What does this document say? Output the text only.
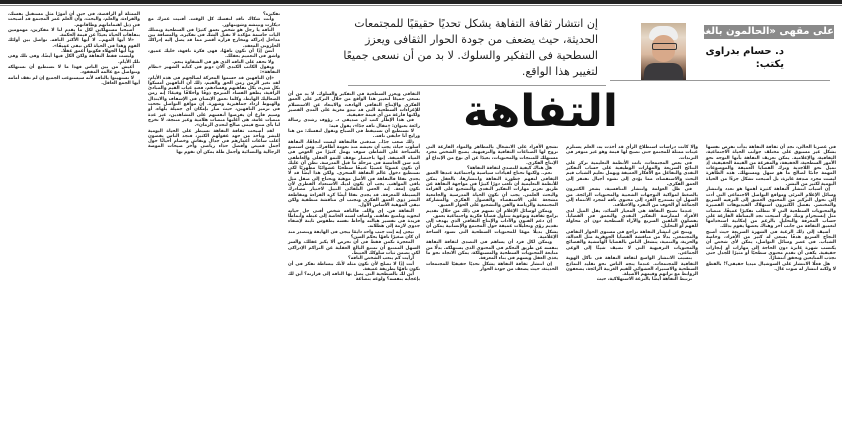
على مقهى «الحالمون بالغد»
د. حسام بدراوى
يكتب:
إن انتشار ثقافة التفاهة يشكل تحديًا حقيقيًا للمجتمعات الحديثة، حيث يضعف من جودة الحوار الثقافى ويعزز السطحية فى التفكير والسلوك. لا بد من أن نسعى جميعًا لتغيير هذا الواقع.
التفاهة

فى عصرنا الحالى، نجد أن ثقافة التفاهة بدأت تفرض نفسها بشكل غير مسبوق على مختلف جوانب الحياة الاجتماعية، الثقافية، والإعلامية. يمكن تعريف التفاهة بأنها التوجه نحو الأمور السطحية، الخفيفة، والمفرغة من القيمة الحقيقية، إذ تميل نحو اللاجدية وترك القضايا العميقة والموضوعات المهمة جانبًا لصالح ما هو سهل ومستهلك. هذه الظاهرة ليست مجرد صدفة عابرة، بل أصبحت تشكل جزءًا من الحياة اليومية لكثير من البشر.

إن أسباب انتشار التفاهة كثيرة أهمها هو تعدد وانتشار وسائل الإعلام المرئى ومواقع التواصل الاجتماعى التى أدت إلى تحول التركيز من المحتوى العميق إلى الترفيه السريع والمختصر. بفضل الكثيرون استهلاك الفيديوهات القصيرة والمحتويات السطحية التى لا تتطلب تفكيرًا عميقًا. منصات مثل إنستجرام وتيك توك أصبحت تجد البساطة الفارغة على حساب المعرفة والتحليل بالرغم من إمكانية استخدامها لتعميق الثقافة من جانب آخر وهناك بعضها يقوم بذلك.

أضيف إلى ذلك الرغبة فى الشهرة السريعة حيث أصبح النجاح السريع هدفًا يسعى له كثير من الأفراد، وخاصة الشباب. فى عصر وسائل التواصل، يمكن لأى شخص أن يكتسب شهرة عابرة دون الحاجة إلى مهارات أو إنجازات حقيقية. يكفى أن تقدم محتوى سطحيًا أو مثيرًا للجدل حتى تجذب المتابعين وتحقق انتشارًا.

هل فعلًا الانتشار على السوشيال ميديا حقيقى؟! بالقطع لا ولكنه انتشار له صوت عال.

وإلا كانت دراسات استطلاع الرأى قد أخذت به، العلم يستلزم عينات ممثلة للمجتمع حتى تصبح لها قيمة وهو غير متوفر فى الترندات.

فى بعض المجتمعات، باتت الأنظمة التعليمية تركز على النتائج السريعة والمهارات الوظيفية على حساب التفكير النقدى والتفاعل مع الأفكار العميقة ويهمل تعليم الشباب قيم البحث والاستقصاء، مما يؤدى إلى نشوء أجيال تفتقر إلى العمق الفكرى.

فى ظل العولمة وانتشار التنافسية، يشعر الكثيرون بالضغط لمواكبة التوجهات الشعبية والمحتويات الرائجة. من السهل أن يستدرج الفرد إلى محتوى تافه لمجرد الانتماء إلى الجماعة أو الخوف من التفرد والاختلاف.

عندما تصبح التفاهة هى المعيار السائد، يقل الميل لدى الأفراد لممارسة التفكير النقدى والتعمق فى القضايا. يفضلون التلقين السريع والآراء السطحية دون أى محاولة للفهم أو التحليل.

وينتج عن انتشار التفاهة تراجع فى مستوى الحوار الثقافى والمجتمعى. بدلًا من مناقشة القضايا الجوهرية مثل العدالة، والحرية، والتنمية، ينشغل الناس بالقضايا الهامشية والفضائح والمحتويات الترفيهية التى لا تضيف شيئًا إلى الوعى الجماعى.

بتسبب الانتشار الواسع لثقافة التفاهة فى تآكل الهوية الثقافية للمجتمعات. عندما يتجه الناس نحو تقليد النماذج السطحية والاستيراد العشوائى للقيم الغربية الرائجة، يضعفون الروابط مع تراثهم وقيمهم الأصيلة.

ترتبط التفاهة أيضًا بالنزعة الاستهلاكية، حيث

تشجع الأفراد على الانشغال بالمظاهر والمواد الفارغة التى تروج لها الصناعات الثقافية والترفيهية. يصبح الشخص مجرد مستهلك للمنتجات والمحتويات، بعيدًا عن أى نوع من الإبداع أو الإنتاج الفكرى.

هل هناك كيفية للتصدى لثقافة التفاهة؟

نعم.. ولكنها تحتاج لقيادات سياسية واجتماعية عندها العمق الثقافى لتفهم خطورة التفاهة وانتشارها، بالعقل يمكن للأنظمة التعليمية أن تلعب دورًا كبيرًا فى مواجهة التفاهة عن طريق تعزيز مهارات التفكير النقدى والتشجيع على القراءة والبحث العلمى. يجب أن تكون الحياة المدرسية والجامعية مشجعة على الاستقصاء والفضول الفكرى والمشاركة المجتمعية والرياضة والفن والتشجيع على الحوار العميق.

ويمكن لوسائل الإعلام أن تسهم فى ذلك من خلال تقديم برامج ثقافية وتوعوية تتناول قضايا فكرية واجتماعية بعمق.

إن دعم الفنون والآداب والإنتاج الثقافى الذى يهدف إلى تقديم رؤى وتحليلات عميقة حول المجتمع والإنسانية يمكن أن يشكل بديلًا مهمًا للمحتويات السطحية التى تسود الساحة الإعلامية.

ويمكن لكل فرد أن يساهم فى التصدى لثقافة التفاهة بنفسه عن طريق التحكم فى المحتوى الذى يستهلكه. بدلًا من متابعة المحتويات السطحية والمستهلكة، يمكن الاتجاه نحو ما يغذى العقل ويسهم فى بناء المعرفة.

إن انتشار ثقافة التفاهة يشكل تحديًا حقيقيًا للمجتمعات الحديثة، حيث يضعف من جودة الحوار

الثقافى ويعزز السطحية فى التفكير والسلوك. لا بد من أن نسعى جميعًا لتغيير هذا الواقع من خلال التركيز على العمق الفكرى والإنتاج الثقافى الهادف، والابتعاد عن الاستسلام للإغراءات السطحية التى قد تبدو مغرية على المدى القصير ولكنها فارغة من أى قيمة حقيقية.

فى هذا الإطار كتب لى صديقى د. رؤوف رشدى رسالة رائعة بعنوان: «مقال تافه جدًا»، يقول فيه:

لا تستطيع أن تستيقظ فى الصباح وتقول لنفسك: من هنا ورايح أنا حابقى تافه..

ذلك صعب جدًا.. صدقنى فالتفاهة ليست اتجاهًا، التفاهة أسلوب حياة، يجب أن تعيشه منذ نعومة أظافرك. ومن استمتع بالسباحة على الشاطئ سوف يهمل كثيرًا من الغوص فى المياه العميقة. إنها باختصار توقف للنمو العقلى والعاطفى عند سن الخامسة فى مرحلة ما قبل المدرسة. تظن أن عليك أن تكون غضوبًا عصبيًا عنيفًا سطحيًا عشوائيًا مظهريًا لكى تستطيع دخول عالم التفاهة السحرى. ولكن هذا أيضًا قد لا يجدى نفعًا فالتفاهة فى الأصل موهبة وتحتاج إلى صقل مثل باقى المواهب. يجب أن يكون لديك الاستعداد الفطرى لأن تكون إمعة. إنه الحس التلقائى النبيل لاختيار مصادرك البسيطة للمعرفة. قد يجدى نفعًا أيضًا كره القراءة ومقاطعة البشر ذوى العمق الفكرى وتجنب أى مناقشة منطقية ولكن تبقى الموهبة الأساس الأول.

التفاهة فن. إى والله. فالتافه شخص أفنى جل حياته لتجويد وتلميع تفاهته. وأضاف لسته الخاصة إلى عبطه وأنماطًا فريدة فى تفسير هبالته وأحاط نفسه بطقوس ثابتة لإضفاء جدوى لازمة إلى هطلانه.

تيجى إيه إنت جنب واحد دايمًا بيجى فى الهايفة ويتصدر منذ أن كان صغيرًا تافهًا بحكم السن؟

المعجزة تكمن فقط فى أن تحرص ألا يكبر عقلك، والسر السهل الممتنع أن تمتنع البالغ العقلية عن التراكم الإدراكى لكى تضمن ثبات سلوكك العبيط.

أرأيت كم يتعب الشخص التافه؟

أنت إذًا لا تصلح لأن تكون مثله لأنك ببساطة تفكر فى أن تكون تافهًا بطريقة عميقة.

أين لك بالسطحية التى يصل بها التافه إلى قرارته؟ أين لك بإعجابه بنفسه؟ ولوعه بتصاعة

تفكيره؟

وأنت شكاك ناقد لنفسك كل الوقت. أفنيت عمرك مع ديكارت ونيتشه وشوبنهاور.

التافه يا رجل هو شخص تعمق كثيرًا فى السطحية ويمتلك اليات حاسمة مؤكدة لا تقبل الشك فى تفكيره. والمسافة بين مداخل إدراكه ومخارج قراره أقصر مما قد يصل إليه إدراكك الحلزونى المعقد.

أنسَ إذًا أن تكون تافهًا، فهى فكرة تافهة، خليك عميق، واشق فى التعميم بعقلك.

ولا تحقد على التافه الذى هو فى الشقاوة ينعم.

ويقول الكاتب الكندى آلان دونو فى كتابه الشهير «نظام التفاهة»:

«إن التافهين قد حسموا المعركة لصالحهم فى هذه الأيام، لقد تغير الزمن زمن الحق والقيم، ذلك أن التافهين أمسكوا بكل شىء، بكل تفاهتهم وفسادهم، فعند غياب القيم والمبادئ الراقية، يطفو الفساد المبرمج ذوقًا وأخلاقًا وقيمًا؛ إنه زمن الصعاليك الهابط، وكلما تعمق الإنسان فى الإسفاف والابتذال والهبوط ازداد جماهيرية وشهرة. إن مواقع التواصل نجحت فى ترميز التافهين، حيث صار بإمكان أى جميلة بلهاء، أو وسيم فارغ أن يفرضوا أنفسهم على المشاهدين، عبر عدة منصات عامة، هى أغلبها منصات هلامية وغير منتجة، لا تخرج لنا بأى منتج قيمى صالح لتحدى الزمان».

لقد أصبحت ثقافة التفاهة تسيطر على الحياة اليومية للبشر وتأخذ من جهد عقولهم الكثير، فتجد الناس يقضون أغلب ساعات أعمارهم فى جدال ونقاش وخصام أحيانًا حول أجمل قميص وأفضل حذاء رياضى وآخر صيحات الموضة الرجالية والنسائية وأجمل طلة يمكن أن تقوم بها

الممثلة أو الراقصة، فى حين أن أمورًا مثل مستقبل نفسك، والقراءة، والعلم، والبحث، وأن العلم عمر المجتمع قد أصبحت فى ذيل اهتماماتهم وطاقاتهم.

أصبحنا مستهلكين لكل ما يقدم لنا لا مفكرين، مهمومين بتفاهات الحياة بعيدًا عن قيمة الحكمة.

«لا أيها المهم.. لا أيها الأكثر التافه. تواصل بين أولئك القوم وهذا فى الحياة لكى تبقى عميقًا».

ويا أيها الجهلاء فكونوا أعمق عقلًا.

وليست فقط التفاهة ولكن الكل فيها أيضًا، وفى تلك وفى تلك الأيام.

أعيش من بين الناس فهذا ما لا نستطيع أن نستهلكه ونتواصل مع عالمه المفقود.

لا تستهينوا بالتافه لأنه سيستوعب الجميع إن لم تقف أمامه أيها الجمع العاقل.
